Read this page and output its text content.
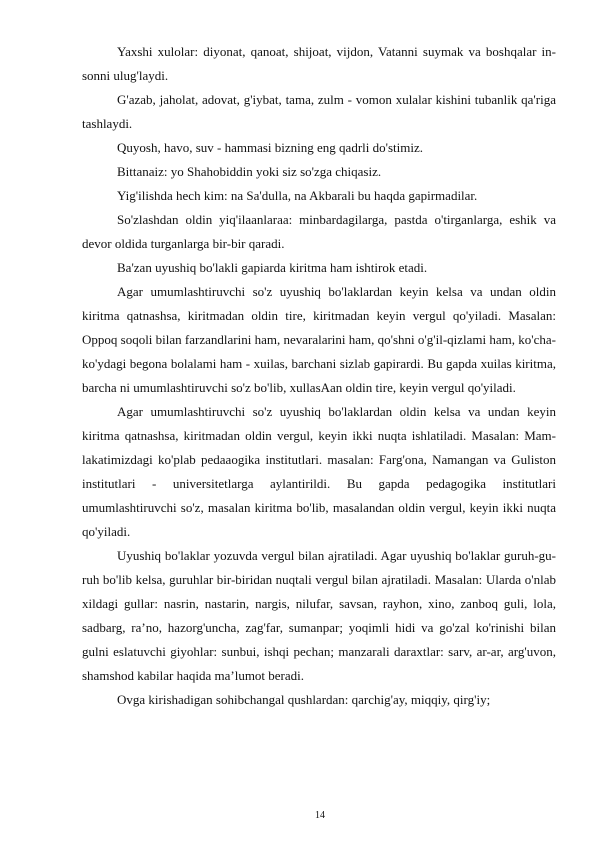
Yaxshi xulolar: diyonat, qanoat, shijoat, vijdon, Vatanni suymak va boshqalar in- sonni ulug'laydi.

G'azab, jaholat, adovat, g'iybat, tama, zulm - vomon xulalar kishini tubanlik qa'riga tashlaydi.

Quyosh, havo, suv - hammasi bizning eng qadrli do'stimiz.

Bittanaiz: yo Shahobiddin yoki siz so'zga chiqasiz.

Yig'ilishda hech kim: na Sa'dulla, na Akbarali bu haqda gapirmadilar.

So'zlashdan oldin yiq'ilaanlaraa: minbardagilarga, pastda o'tirganlarga, eshik va devor oldida turganlarga bir-bir qaradi.

Ba'zan uyushiq bo'lakli gapiarda kiritma ham ishtirok etadi.

Agar umumlashtiruvchi so'z uyushiq bo'laklardan keyin kelsa va undan oldin kiritma qatnashsa, kiritmadan oldin tire, kiritmadan keyin vergul qo'yiladi. Masalan: Oppoq soqoli bilan farzandlarini ham, nevaralarini ham, qo'shni o'g'il-qizlami ham, ko'cha-ko'ydagi begona bolalami ham - xuilas, barchani sizlab gapirardi. Bu gapda xuilas kiritma, barcha ni umumlashtiruvchi so'z bo'lib, xullasAan oldin tire, keyin vergul qo'yiladi.

Agar umumlashtiruvchi so'z uyushiq bo'laklardan oldin kelsa va undan keyin kiritma qatnashsa, kiritmadan oldin vergul, keyin ikki nuqta ishlatiladi. Masalan: Mam- lakatimizdagi ko'plab pedaaogika institutlari. masalan: Farg'ona, Namangan va Guliston institutlari - universitetlarga aylantirildi. Bu gapda pedagogika institutlari umumlashtiruvchi so'z, masalan kiritma bo'lib, masalandan oldin vergul, keyin ikki nuqta qo'yiladi.

Uyushiq bo'laklar yozuvda vergul bilan ajratiladi. Agar uyushiq bo'laklar guruh-gu- ruh bo'lib kelsa, guruhlar bir-biridan nuqtali vergul bilan ajratiladi. Masalan: Ularda o'nlab xildagi gullar: nasrin, nastarin, nargis, nilufar, savsan, rayhon, xino, zanboq guli, lola, sadbarg, ra’no, hazorg'uncha, zag'far, sumanpar; yoqimli hidi va go'zal ko'rinishi bilan gulni eslatuvchi giyohlar: sunbui, ishqi pechan; manzarali daraxtlar: sarv, ar-ar, arg'uvon, shamshod kabilar haqida ma’lumot beradi.

Ovga kirishadigan sohibchangal qushlardan: qarchig'ay, miqqiy, qirg'iy;

14
